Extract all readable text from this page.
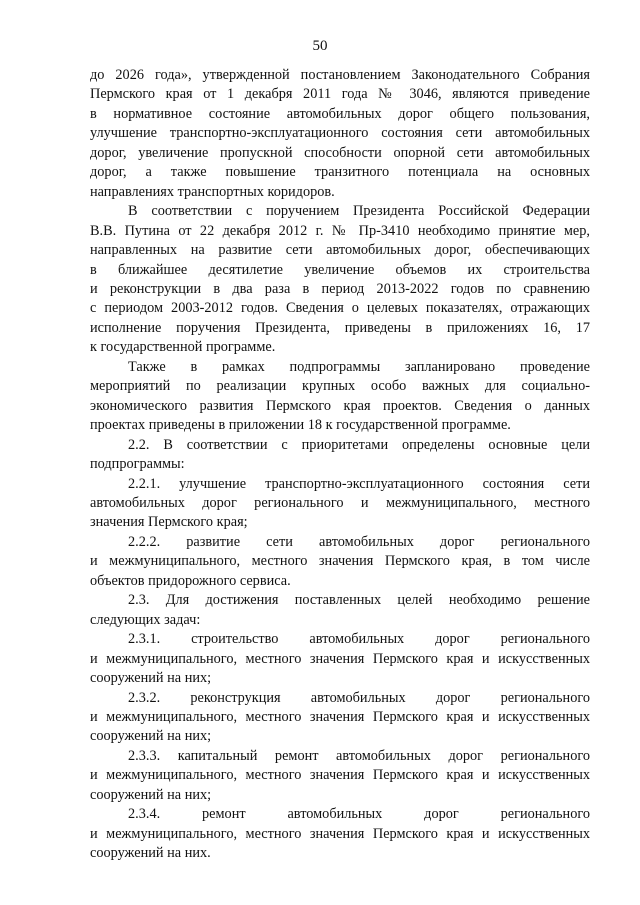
50
до 2026 года», утвержденной постановлением Законодательного Собрания
Пермского края от 1 декабря 2011 года № 3046, являются приведение
в нормативное состояние автомобильных дорог общего пользования,
улучшение транспортно-эксплуатационного состояния сети автомобильных
дорог, увеличение пропускной способности опорной сети автомобильных
дорог, а также повышение транзитного потенциала на основных
направлениях транспортных коридоров.
В соответствии с поручением Президента Российской Федерации
В.В. Путина от 22 декабря 2012 г. № Пр-3410 необходимо принятие мер,
направленных на развитие сети автомобильных дорог, обеспечивающих
в ближайшее десятилетие увеличение объемов их строительства
и реконструкции в два раза в период 2013-2022 годов по сравнению
с периодом 2003-2012 годов. Сведения о целевых показателях, отражающих
исполнение поручения Президента, приведены в приложениях 16, 17
к государственной программе.
Также в рамках подпрограммы запланировано проведение
мероприятий по реализации крупных особо важных для социально-
экономического развития Пермского края проектов. Сведения о данных
проектах приведены в приложении 18 к государственной программе.
2.2. В соответствии с приоритетами определены основные цели
подпрограммы:
2.2.1. улучшение транспортно-эксплуатационного состояния сети
автомобильных дорог регионального и межмуниципального, местного
значения Пермского края;
2.2.2. развитие сети автомобильных дорог регионального
и межмуниципального, местного значения Пермского края, в том числе
объектов придорожного сервиса.
2.3. Для достижения поставленных целей необходимо решение
следующих задач:
2.3.1. строительство автомобильных дорог регионального
и межмуниципального, местного значения Пермского края и искусственных
сооружений на них;
2.3.2. реконструкция автомобильных дорог регионального
и межмуниципального, местного значения Пермского края и искусственных
сооружений на них;
2.3.3. капитальный ремонт автомобильных дорог регионального
и межмуниципального, местного значения Пермского края и искусственных
сооружений на них;
2.3.4. ремонт автомобильных дорог регионального
и межмуниципального, местного значения Пермского края и искусственных
сооружений на них.
